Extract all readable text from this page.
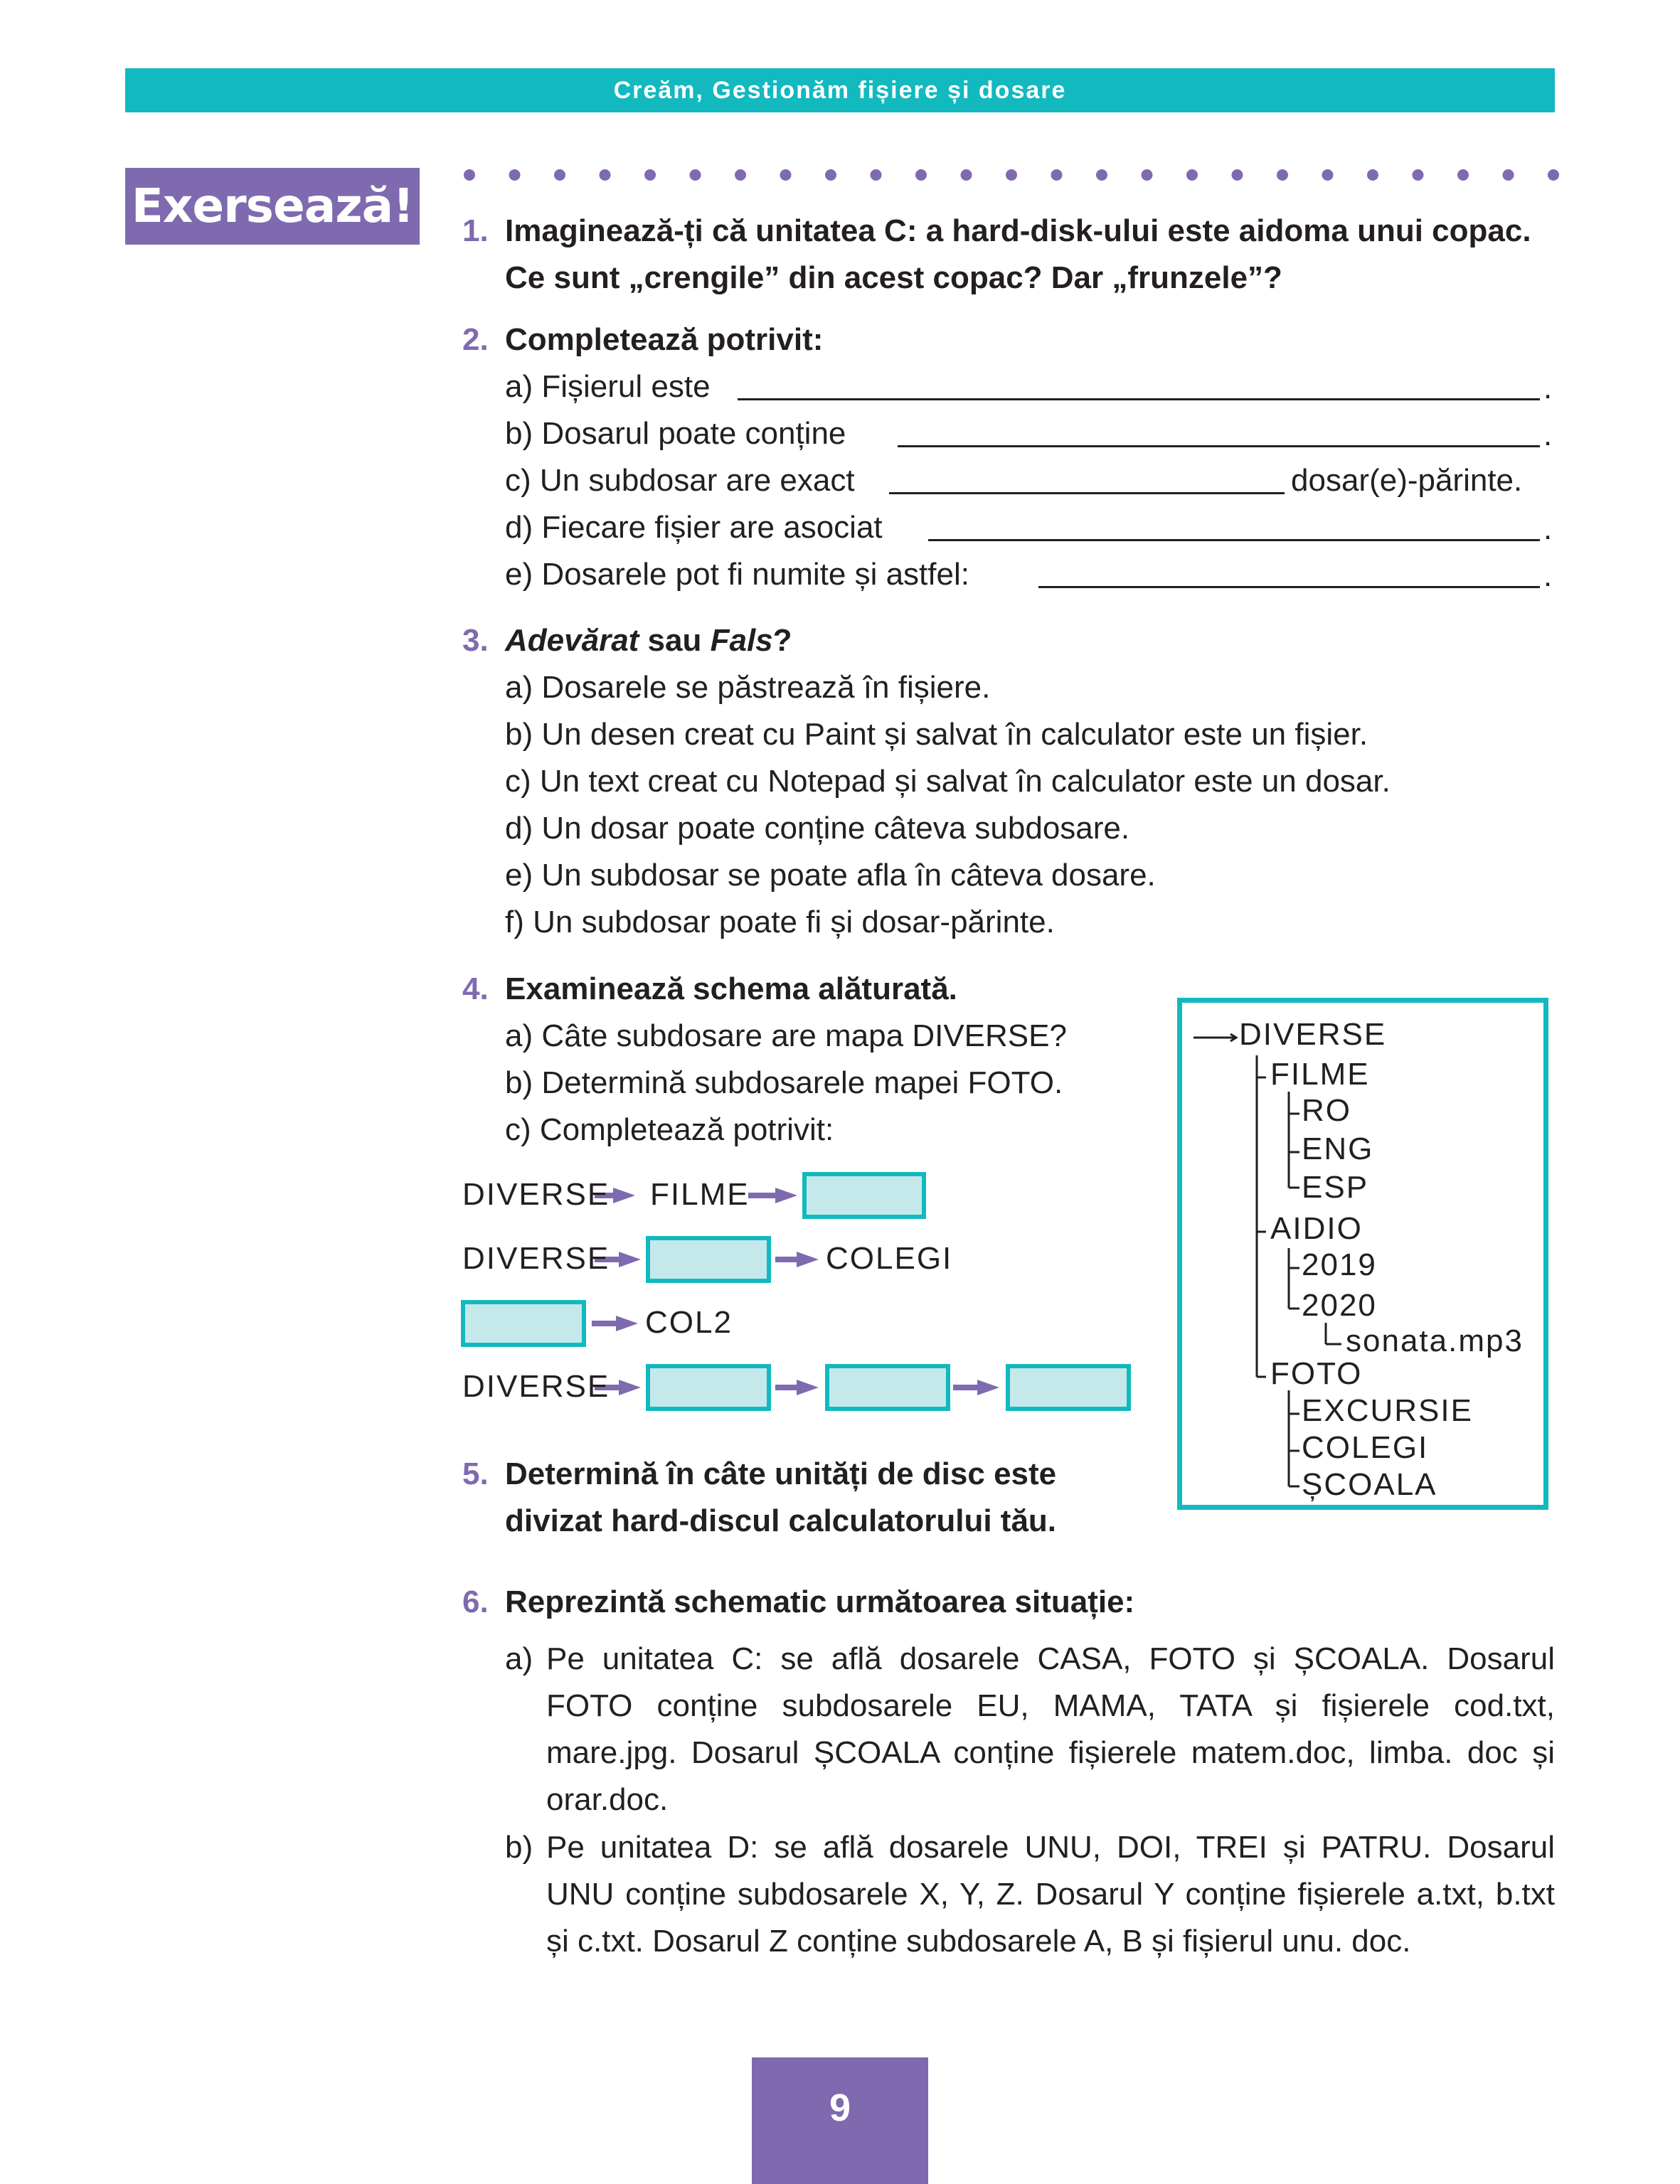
Creăm, Gestionăm fișiere și dosare
Exersează! 1. Imaginează-ți că unitatea C: a hard-disk-ului este aidoma unui copac.
Ce sunt „crengile” din acest copac? Dar „frunzele”?
2. Completează potrivit:
a) Fișierul este	.
b) Dosarul poate conține	.
c) Un subdosar are exact	dosar(e)-părinte.
d) Fiecare fișier are asociat	.
e) Dosarele pot fi numite și astfel:	.
3. Adevărat sau Fals?
a) Dosarele se păstrează în fișiere.
b) Un desen creat cu Paint și salvat în calculator este un fișier.
c) Un text creat cu Notepad și salvat în calculator este un dosar.
d) Un dosar poate conține câteva subdosare.
e) Un subdosar se poate afla în câteva dosare.
f) Un subdosar poate fi și dosar-părinte.
4. Examinează schema alăturată.
a) Câte subdosare are mapa DIVERSE?
b) Determină subdosarele mapei FOTO.
c) Completează potrivit:
DIVERSE FILME
DIVERSE	COLEGI
COL2
DIVERSE
DIVERSE
FILME
RO
ENG
ESP
AIDIO
2019
2020
sonata.mp3
FOTO
EXCURSIE
COLEGI
ȘCOALA
5. Determină în câte unități de disc este
divizat hard-discul calculatorului tău.
6. Reprezintă schematic următoarea situație:
a) Pe unitatea C: se află dosarele CASA, FOTO și ȘCOALA. Dosarul FOTO conține subdosarele EU, MAMA, TATA și fișierele cod.txt, mare.jpg. Dosarul ȘCOALA conține fișierele matem.doc, limba. doc și orar.doc.
b) Pe unitatea D: se află dosarele UNU, DOI, TREI și PATRU. Dosarul UNU conține subdosarele X, Y, Z. Dosarul Y conține fișierele a.txt, b.txt și c.txt. Dosarul Z conține subdosarele A, B și fișierul unu. doc.
9
